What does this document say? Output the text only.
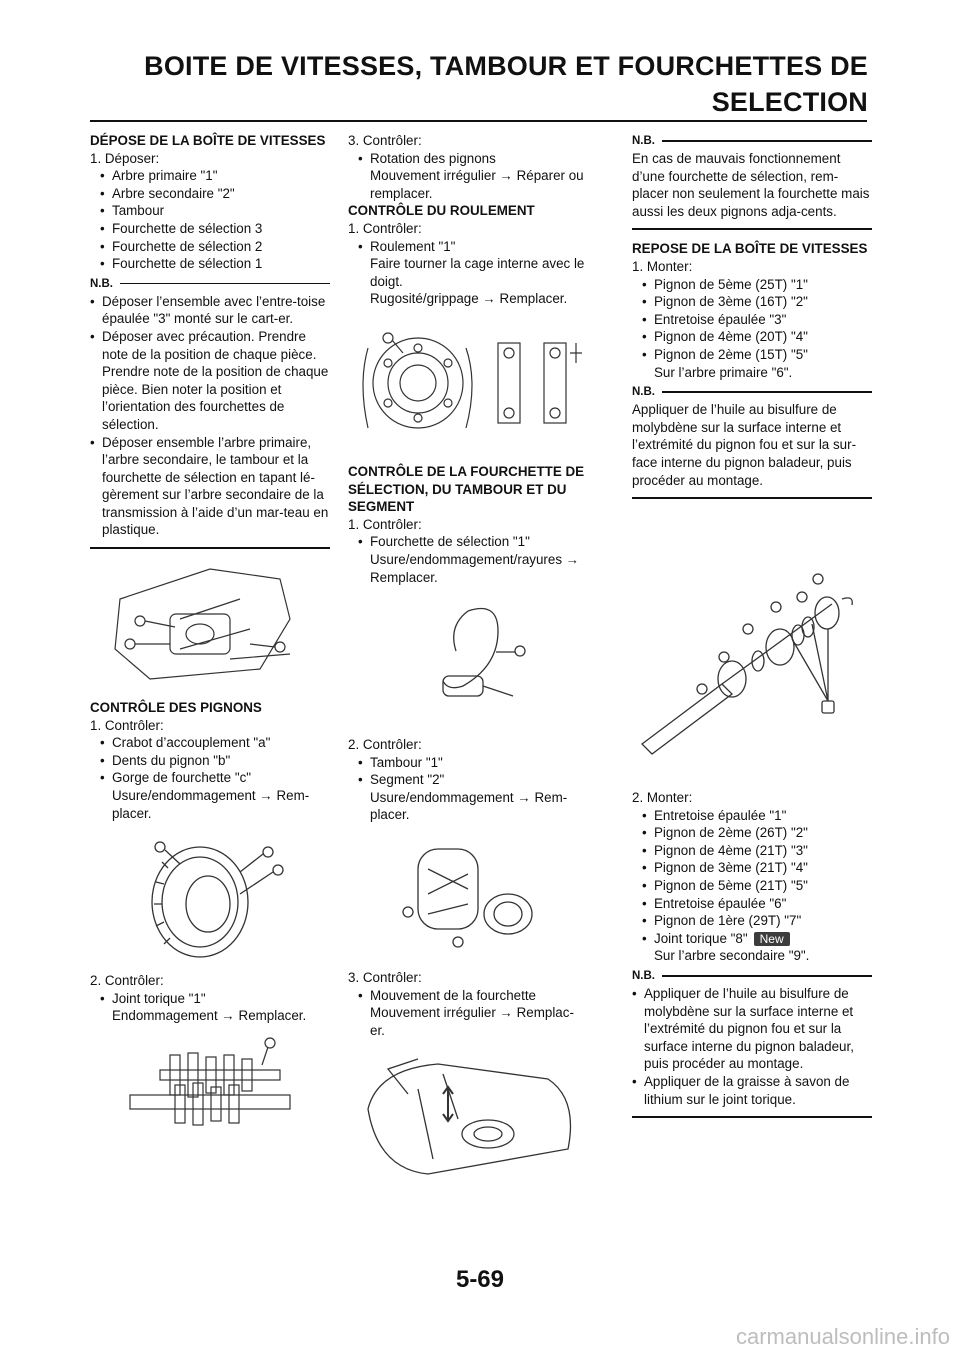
BOITE DE VITESSES, TAMBOUR ET FOURCHETTES DE
SELECTION

DÉPOSE DE LA BOÎTE DE VITESSES

1. Déposer:

• Arbre primaire "1"

• Arbre secondaire "2"

• Tambour

• Fourchette de sélection 3

• Fourchette de sélection 2

• Fourchette de sélection 1

N.B.

• Déposer l’ensemble avec l’entre-toise épaulée "3" monté sur le cart-er.

• Déposer avec précaution. Prendre note de la position de chaque pièce. Prendre note de la position de chaque pièce. Bien noter la position et l’orientation des fourchettes de sélection.

• Déposer ensemble l’arbre primaire, l’arbre secondaire, le tambour et la fourchette de sélection en tapant lé-gèrement sur l’arbre secondaire de la transmission à l’aide d’un mar-teau en plastique.

CONTRÔLE DES PIGNONS

1. Contrôler:

• Crabot d’accouplement "a"

• Dents du pignon "b"

• Gorge de fourchette "c"

Usure/endommagement → Rem-placer.

2. Contrôler:

• Joint torique "1"

Endommagement → Remplacer.

3. Contrôler:

• Rotation des pignons

Mouvement irrégulier → Réparer ou remplacer.

CONTRÔLE DU ROULEMENT

1. Contrôler:

• Roulement "1"

Faire tourner la cage interne avec le doigt.

Rugosité/grippage → Remplacer.

CONTRÔLE DE LA FOURCHETTE DE SÉLECTION, DU TAMBOUR ET DU SEGMENT

1. Contrôler:

• Fourchette de sélection "1"

Usure/endommagement/rayures → Remplacer.

2. Contrôler:

• Tambour "1"

• Segment "2"

Usure/endommagement → Rem-placer.

3. Contrôler:

• Mouvement de la fourchette

Mouvement irrégulier → Remplac-er.

N.B.

En cas de mauvais fonctionnement d’une fourchette de sélection, rem-placer non seulement la fourchette mais aussi les deux pignons adja-cents.

REPOSE DE LA BOÎTE DE VITESSES

1. Monter:

• Pignon de 5ème (25T) "1"

• Pignon de 3ème (16T) "2"

• Entretoise épaulée "3"

• Pignon de 4ème (20T) "4"

• Pignon de 2ème (15T) "5"

Sur l’arbre primaire "6".

N.B.

Appliquer de l’huile au bisulfure de molybdène sur la surface interne et l’extrémité du pignon fou et sur la sur-face interne du pignon baladeur, puis procéder au montage.

2. Monter:

• Entretoise épaulée "1"

• Pignon de 2ème (26T) "2"

• Pignon de 4ème (21T) "3"

• Pignon de 3ème (21T) "4"

• Pignon de 5ème (21T) "5"

• Entretoise épaulée "6"

• Pignon de 1ère (29T) "7"

• Joint torique "8" New

Sur l’arbre secondaire "9".

N.B.

• Appliquer de l’huile au bisulfure de molybdène sur la surface interne et l’extrémité du pignon fou et sur la surface interne du pignon baladeur, puis procéder au montage.

• Appliquer de la graisse à savon de lithium sur le joint torique.

5-69
carmanualsonline.info
